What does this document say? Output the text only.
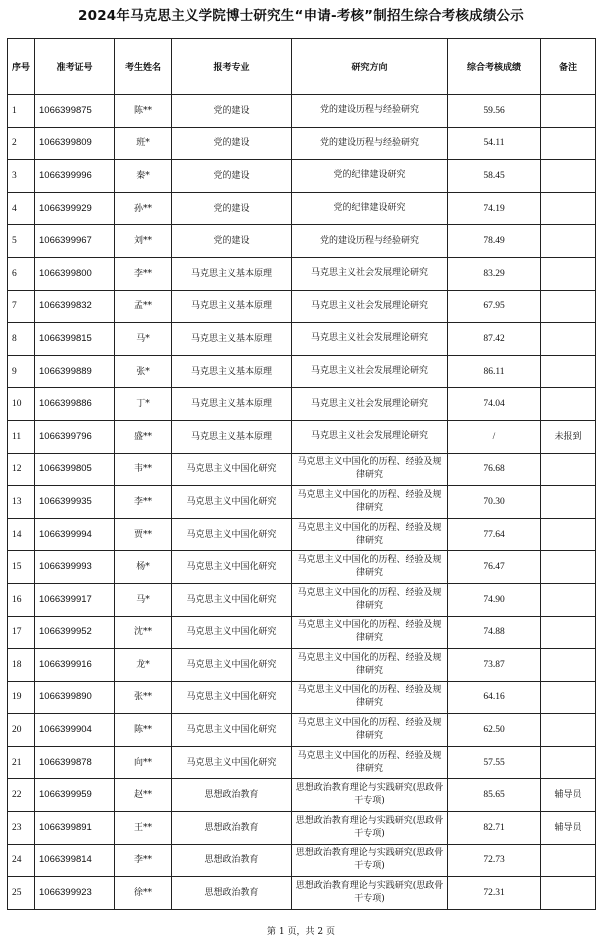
2024年马克思主义学院博士研究生“申请-考核”制招生综合考核成绩公示
序号	准考证号	考生姓名	报考专业	研究方向	综合考核成绩	备注
1	1066399875	陈**	党的建设	党的建设历程与经验研究	59.56	
2	1066399809	班*	党的建设	党的建设历程与经验研究	54.11	
3	1066399996	秦*	党的建设	党的纪律建设研究	58.45	
4	1066399929	孙**	党的建设	党的纪律建设研究	74.19	
5	1066399967	刘**	党的建设	党的建设历程与经验研究	78.49	
6	1066399800	李**	马克思主义基本原理	马克思主义社会发展理论研究	83.29	
7	1066399832	孟**	马克思主义基本原理	马克思主义社会发展理论研究	67.95	
8	1066399815	马*	马克思主义基本原理	马克思主义社会发展理论研究	87.42	
9	1066399889	张*	马克思主义基本原理	马克思主义社会发展理论研究	86.11	
10	1066399886	丁*	马克思主义基本原理	马克思主义社会发展理论研究	74.04	
11	1066399796	盛**	马克思主义基本原理	马克思主义社会发展理论研究	/	未报到
12	1066399805	韦**	马克思主义中国化研究	马克思主义中国化的历程、经验及规律研究	76.68	
13	1066399935	李**	马克思主义中国化研究	马克思主义中国化的历程、经验及规律研究	70.30	
14	1066399994	贾**	马克思主义中国化研究	马克思主义中国化的历程、经验及规律研究	77.64	
15	1066399993	杨*	马克思主义中国化研究	马克思主义中国化的历程、经验及规律研究	76.47	
16	1066399917	马*	马克思主义中国化研究	马克思主义中国化的历程、经验及规律研究	74.90	
17	1066399952	沈**	马克思主义中国化研究	马克思主义中国化的历程、经验及规律研究	74.88	
18	1066399916	龙*	马克思主义中国化研究	马克思主义中国化的历程、经验及规律研究	73.87	
19	1066399890	张**	马克思主义中国化研究	马克思主义中国化的历程、经验及规律研究	64.16	
20	1066399904	陈**	马克思主义中国化研究	马克思主义中国化的历程、经验及规律研究	62.50	
21	1066399878	向**	马克思主义中国化研究	马克思主义中国化的历程、经验及规律研究	57.55	
22	1066399959	赵**	思想政治教育	思想政治教育理论与实践研究(思政骨干专项)	85.65	辅导员
23	1066399891	王**	思想政治教育	思想政治教育理论与实践研究(思政骨干专项)	82.71	辅导员
24	1066399814	李**	思想政治教育	思想政治教育理论与实践研究(思政骨干专项)	72.73	
25	1066399923	徐**	思想政治教育	思想政治教育理论与实践研究(思政骨干专项)	72.31	
第 1 页，共 2 页
